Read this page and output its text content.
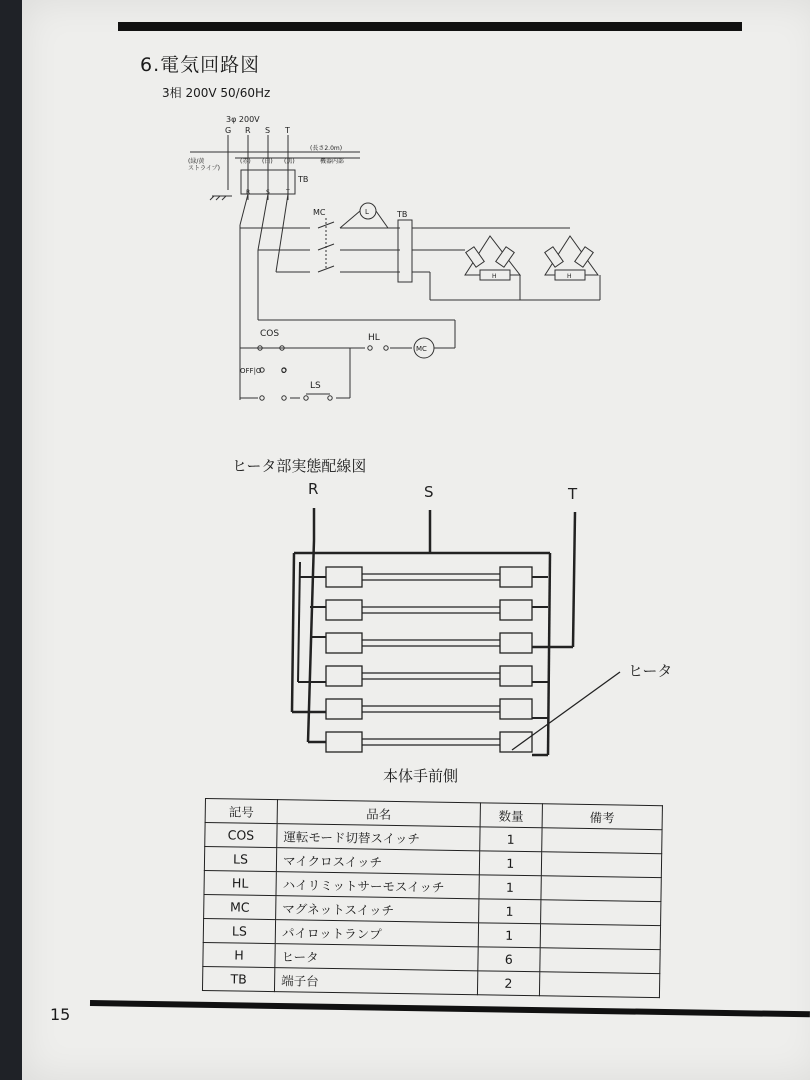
6.電気回路図
3相 200V 50/60Hz
3φ 200V
G R S T
(緑/黄
ストライプ)
(赤) (白) (黒)
(長さ2.0m)
機器内部
TB
R	S	T
MC	L	TB
H	H
COS
OFF|O	O
HL
LS
MC
R	S	T
ヒータ
ヒータ部実態配線図
本体手前側
記号	品名	数量	備考
COS	運転モード切替スイッチ	1	
LS	マイクロスイッチ	1	
HL	ハイリミットサーモスイッチ	1	
MC	マグネットスイッチ	1	
LS	パイロットランプ	1	
H	ヒータ	6	
TB	端子台	2	
15
